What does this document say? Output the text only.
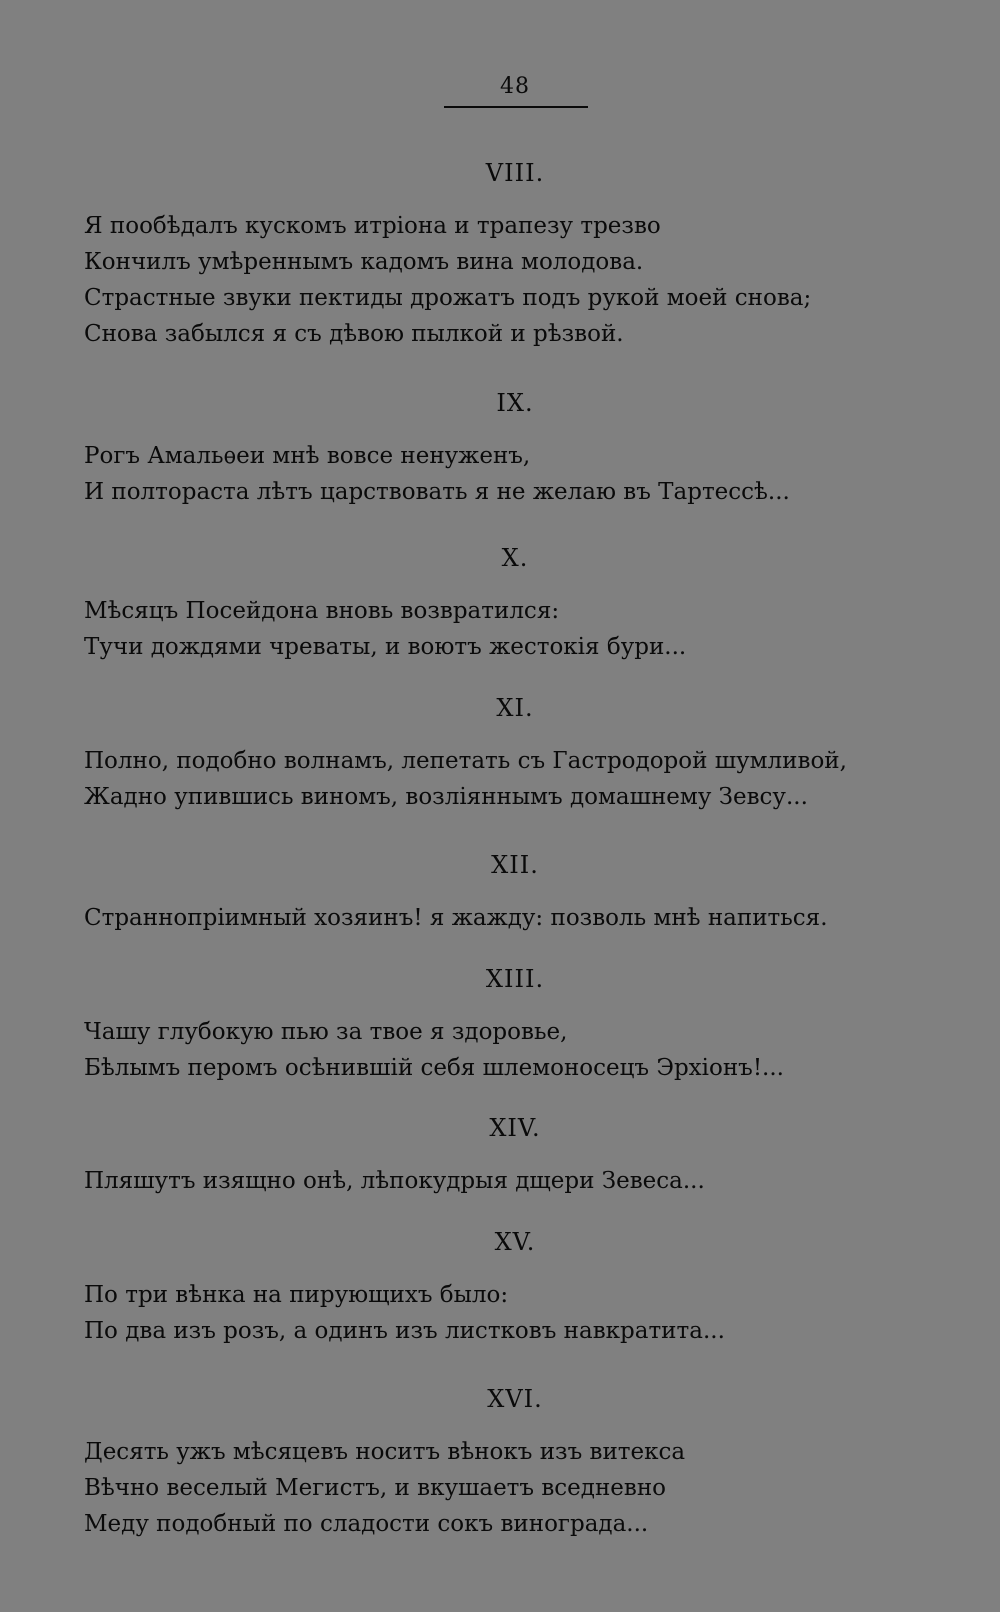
48
VIII.
Я пообѣдалъ кускомъ итріона и трапезу трезво
Кончилъ умѣреннымъ кадомъ вина молодова.
Страстные звуки пектиды дрожатъ подъ рукой моей снова;
Снова забылся я съ дѣвою пылкой и рѣзвой.
IX.
Рогъ Амальѳеи мнѣ вовсе ненуженъ,
И полтораста лѣтъ царствовать я не желаю въ Тартессѣ...
X.
Мѣсяцъ Посейдона вновь возвратился:
Тучи дождями чреваты, и воютъ жестокія бури...
XI.
Полно, подобно волнамъ, лепетать съ Гастродорой шумливой,
Жадно упившись виномъ, возліяннымъ домашнему Зевсу...
XII.
Страннопріимный хозяинъ! я жажду: позволь мнѣ напиться.
XIII.
Чашу глубокую пью за твое я здоровье,
Бѣлымъ перомъ осѣнившій себя шлемоносецъ Эрхіонъ!...
XIV.
Пляшутъ изящно онѣ, лѣпокудрыя дщери Зевеса...
XV.
По три вѣнка на пирующихъ было:
По два изъ розъ, а одинъ изъ листковъ навкратита...
XVI.
Десять ужъ мѣсяцевъ носитъ вѣнокъ изъ витекса
Вѣчно веселый Мегистъ, и вкушаетъ вседневно
Меду подобный по сладости сокъ винограда...
